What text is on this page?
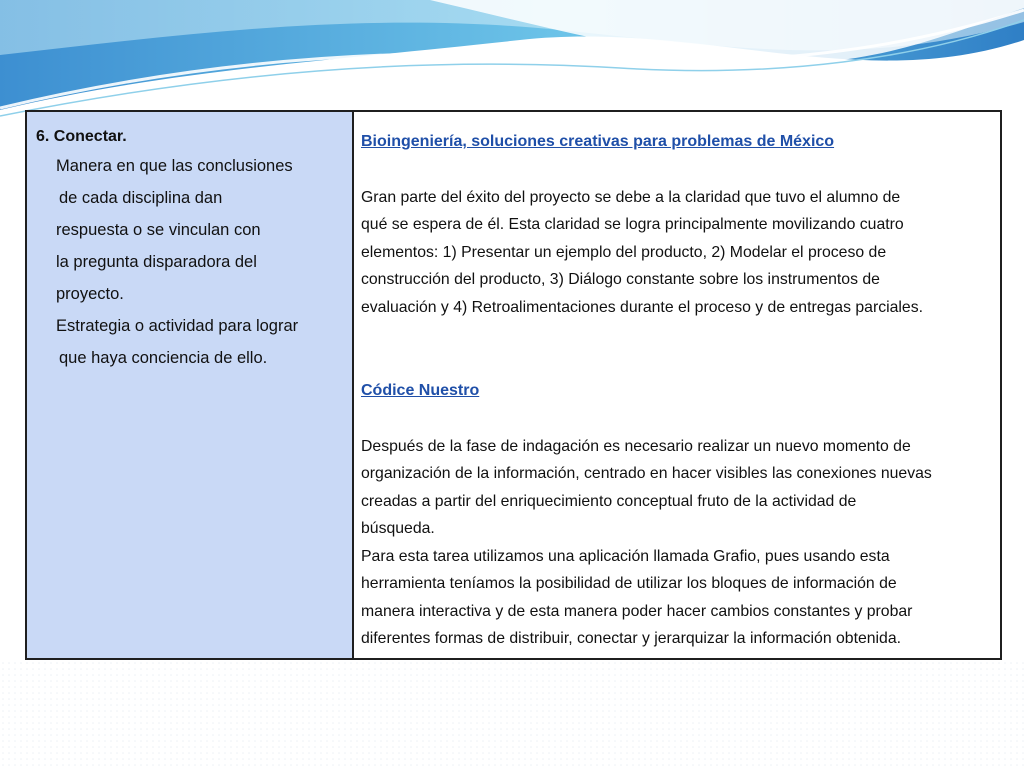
6. Conectar.
Manera en que las conclusiones
de cada disciplina dan
respuesta o se vinculan con
la pregunta disparadora del
proyecto.
Estrategia o actividad para lograr
que haya conciencia de ello.

Bioingeniería, soluciones creativas para problemas de México

Gran parte del éxito del proyecto se debe a la claridad que tuvo el alumno de

qué se espera de él. Esta claridad se logra principalmente movilizando cuatro

elementos: 1) Presentar un ejemplo del producto, 2) Modelar el proceso de

construcción del producto, 3) Diálogo constante sobre los instrumentos de

evaluación y 4) Retroalimentaciones durante el proceso y de entregas parciales.

Códice Nuestro

Después de la fase de indagación es necesario realizar un nuevo momento de

organización de la información, centrado en hacer visibles las conexiones nuevas

creadas a partir del enriquecimiento conceptual fruto de la actividad de

búsqueda.

Para esta tarea utilizamos una aplicación llamada Grafio, pues usando esta

herramienta teníamos la posibilidad de utilizar los bloques de información de

manera interactiva y de esta manera poder hacer cambios constantes y probar

diferentes formas de distribuir, conectar y jerarquizar la información obtenida.
